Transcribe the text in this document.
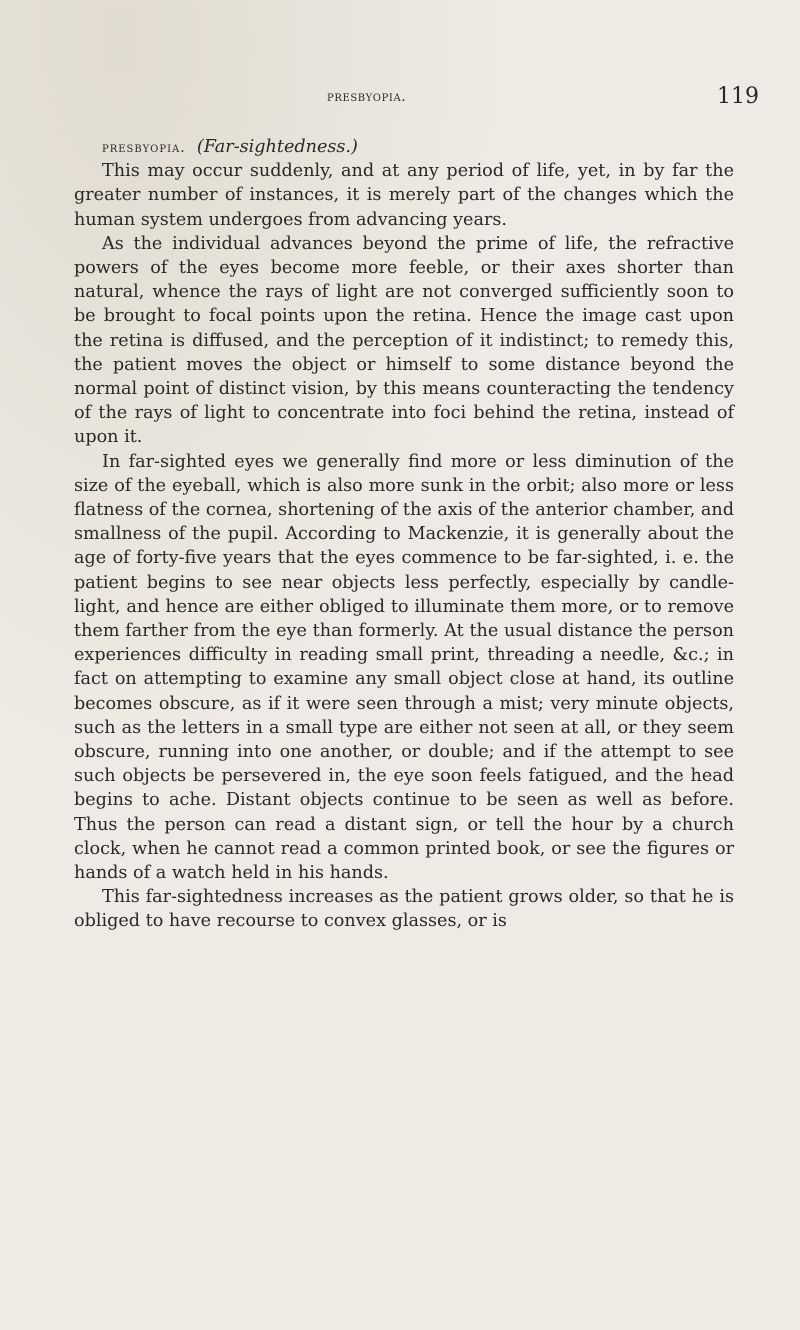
presbyopia.	119
presbyopia. (Far-sightedness.)

This may occur suddenly, and at any period of life, yet, in by far the greater number of instances, it is merely part of the changes which the human system undergoes from advancing years.

As the individual advances beyond the prime of life, the refractive powers of the eyes become more feeble, or their axes shorter than natural, whence the rays of light are not converged sufficiently soon to be brought to focal points upon the retina. Hence the image cast upon the retina is diffused, and the perception of it indistinct; to remedy this, the patient moves the object or himself to some distance beyond the normal point of distinct vision, by this means counteracting the tendency of the rays of light to concentrate into foci behind the retina, instead of upon it.

In far-sighted eyes we generally find more or less diminution of the size of the eyeball, which is also more sunk in the orbit; also more or less flatness of the cornea, shortening of the axis of the anterior chamber, and smallness of the pupil. According to Mackenzie, it is generally about the age of forty-five years that the eyes commence to be far-sighted, i. e. the patient begins to see near objects less perfectly, especially by candle-light, and hence are either obliged to illuminate them more, or to remove them farther from the eye than formerly. At the usual distance the person experiences difficulty in reading small print, threading a needle, &c.; in fact on attempting to examine any small object close at hand, its outline becomes obscure, as if it were seen through a mist; very minute objects, such as the letters in a small type are either not seen at all, or they seem obscure, running into one another, or double; and if the attempt to see such objects be persevered in, the eye soon feels fatigued, and the head begins to ache. Distant objects continue to be seen as well as before. Thus the person can read a distant sign, or tell the hour by a church clock, when he cannot read a common printed book, or see the figures or hands of a watch held in his hands.

This far-sightedness increases as the patient grows older, so that he is obliged to have recourse to convex glasses, or is
